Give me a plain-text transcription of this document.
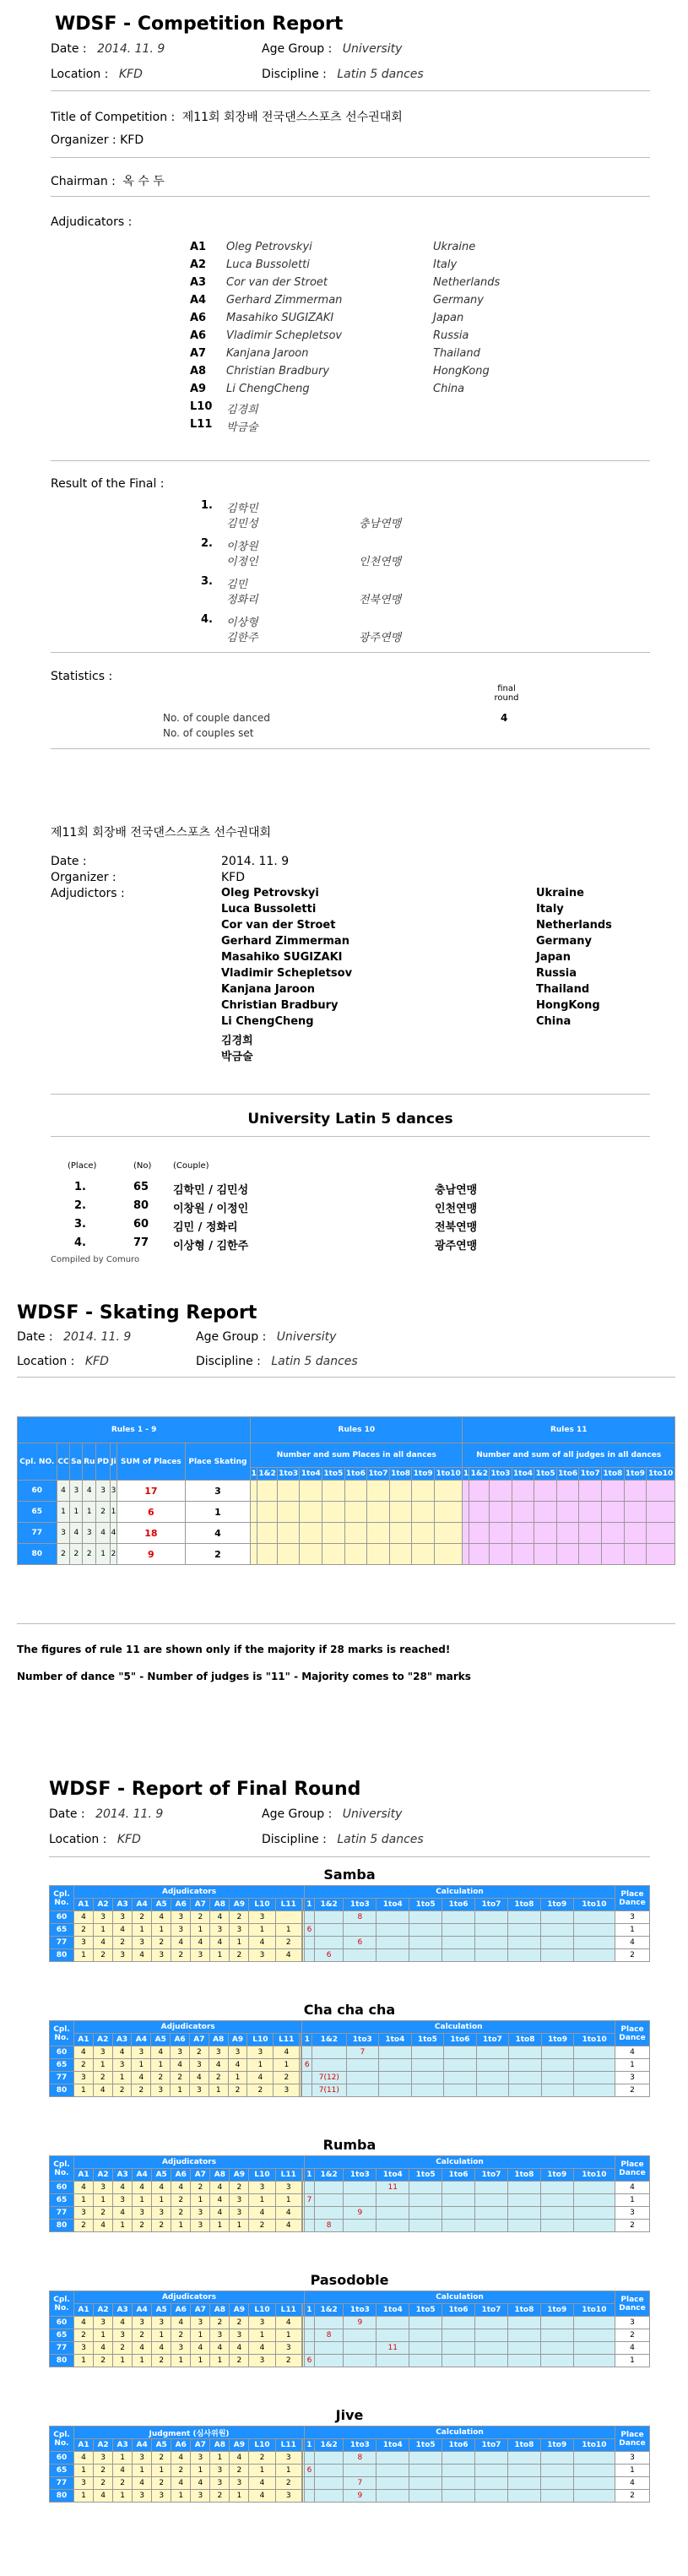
WDSF - Competition Report
Date : 2014. 11. 9	Age Group : University
Location : KFD	Discipline : Latin 5 dances
Title of Competition : 제11회 회장배 전국댄스스포츠 선수권대회
Organizer : KFD
Chairman : 옥 수 두
Adjudicators :
A1 Oleg Petrovskyi	Ukraine
A2 Luca Bussoletti	Italy
A3 Cor van der Stroet	Netherlands
A4 Gerhard Zimmerman	Germany
A6 Masahiko SUGIZAKI	Japan
A6 Vladimir Schepletsov	Russia
A7 Kanjana Jaroon	Thailand
A8 Christian Bradbury	HongKong
A9 Li ChengCheng	China
L10 김경희
L11 박금술
Result of the Final :
1. 김학민
김민성	충남연맹
2. 이창원
이정인	인천연맹
3. 김민
정화리	전북연맹
4. 이상형
김한주	광주연맹
Statistics :
final round
No. of couple danced	4
No. of couples set
제11회 회장배 전국댄스스포츠 선수권대회
Date :	2014. 11. 9
Organizer :	KFD
Adjudictors :	Oleg Petrovskyi	Ukraine
Luca Bussoletti	Italy
Cor van der Stroet	Netherlands
Gerhard Zimmerman	Germany
Masahiko SUGIZAKI	Japan
Vladimir Schepletsov	Russia
Kanjana Jaroon	Thailand
Christian Bradbury	HongKong
Li ChengCheng	China
김경희
박금술
University Latin 5 dances
(Place)	(No)	(Couple)
1.	65 김학민 / 김민성	충남연맹
2.	80 이창원 / 이정인	인천연맹
3.	60 김민 / 정화리	전북연맹
4.	77 이상형 / 김한주	광주연맹
Compiled by Comuro
WDSF - Skating Report
Date : 2014. 11. 9	Age Group : University
Location : KFD	Discipline : Latin 5 dances
Rules 1 - 9								Rules 10										Rules 11									
Cpl. NO.	CC	Sa	Ru	PD	Ji	SUM of Places	Place Skating	Number and sum Places in all dances										Number and sum of all judges in all dances									
								1	1&2	1to3	1to4	1to5	1to6	1to7	1to8	1to9	1to10	1	1&2	1to3	1to4	1to5	1to6	1to7	1to8	1to9	1to10
60	4	3	4	3	3	17	3																				
65	1	1	1	2	1	6	1																				
77	3	4	3	4	4	18	4																				
80	2	2	2	1	2	9	2																				
The figures of rule 11 are shown only if the majority if 28 marks is reached!
Number of dance "5" - Number of judges is "11" - Majority comes to "28" marks
WDSF - Report of Final Round
Date : 2014. 11. 9	Age Group : University
Location : KFD	Discipline : Latin 5 dances
Samba
Cpl. No.	Adjudicators												Calculation										Place Dance
	A1	A2	A3	A4	A5	A6	A7	A8	A9	L10	L11			1	1&2	1to3	1to4	1to5	1to6	1to7	1to8	1to9	1to10	
60	4	3	3	2	4	3	2	4	2	3						8								3
65	2	1	4	1	1	3	1	3	3	1	1			6										1
77	3	4	2	3	2	4	4	4	1	4	2					6								4
80	1	2	3	4	3	2	3	1	2	3	4				6									2
Cha cha cha
Cpl. No.	Adjudicators												Calculation										Place Dance
	A1	A2	A3	A4	A5	A6	A7	A8	A9	L10	L11			1	1&2	1to3	1to4	1to5	1to6	1to7	1to8	1to9	1to10	
60	4	3	4	3	4	3	2	3	3	3	4					7								4
65	2	1	3	1	1	4	3	4	4	1	1			6										1
77	3	2	1	4	2	2	4	2	1	4	2				7(12)									3
80	1	4	2	2	3	1	3	1	2	2	3				7(11)									2
Rumba
Cpl. No.	Adjudicators												Calculation										Place Dance
	A1	A2	A3	A4	A5	A6	A7	A8	A9	L10	L11			1	1&2	1to3	1to4	1to5	1to6	1to7	1to8	1to9	1to10	
60	4	3	4	4	4	4	2	4	2	3	3						11							4
65	1	1	3	1	1	2	1	4	3	1	1			7										1
77	3	2	4	3	3	2	3	4	3	4	4					9								3
80	2	4	1	2	2	1	3	1	1	2	4				8									2
Pasodoble
Cpl. No.	Adjudicators												Calculation										Place Dance
	A1	A2	A3	A4	A5	A6	A7	A8	A9	L10	L11			1	1&2	1to3	1to4	1to5	1to6	1to7	1to8	1to9	1to10	
60	4	3	4	3	3	4	3	2	2	3	4					9								3
65	2	1	3	2	1	2	1	3	3	1	1				8									2
77	3	4	2	4	4	3	4	4	4	4	3						11							4
80	1	2	1	1	2	1	1	1	2	3	2			6										1
Jive
Cpl. No.	Judgment (심사위원)												Calculation										Place Dance
	A1	A2	A3	A4	A5	A6	A7	A8	A9	L10	L11			1	1&2	1to3	1to4	1to5	1to6	1to7	1to8	1to9	1to10	
60	4	3	1	3	2	4	3	1	4	2	3					8								3
65	1	2	4	1	1	2	1	3	2	1	1			6										1
77	3	2	2	4	2	4	4	3	3	4	2					7								4
80	1	4	1	3	3	1	3	2	1	4	3					9								2
